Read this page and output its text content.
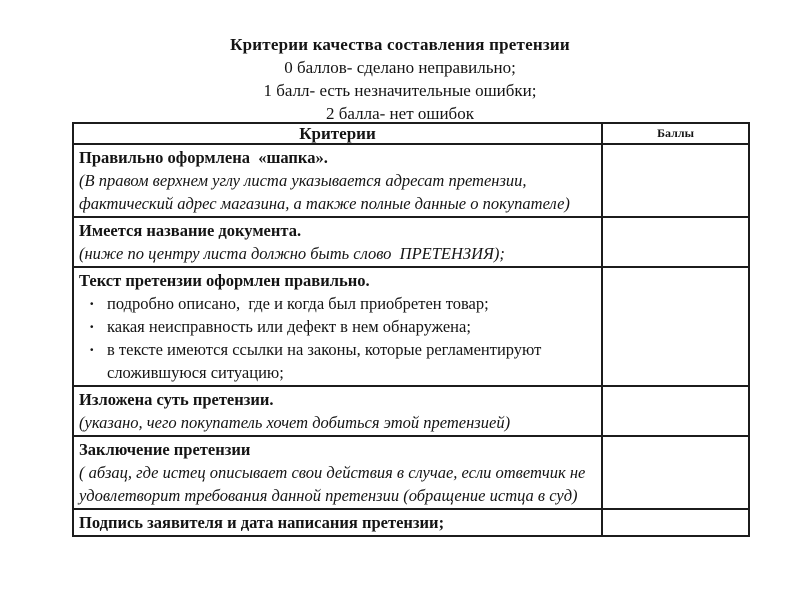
Критерии качества составления претензии
0 баллов- сделано неправильно;
1 балл- есть незначительные ошибки;
2 балла- нет ошибок
Критерии	Баллы

Правильно оформлена  «шапка».
(В правом верхнем углу листа указывается адресат претензии, фактический адрес магазина, а также полные данные о покупателе)	

Имеется название документа.
(ниже по центру листа должно быть слово  ПРЕТЕНЗИЯ);	

Текст претензии оформлен правильно.
· подробно описано,  где и когда был приобретен товар;
· какая неисправность или дефект в нем обнаружена;
· в тексте имеются ссылки на законы, которые регламентируют сложившуюся ситуацию;

Изложена суть претензии.
(указано, чего покупатель хочет добиться этой претензией)	

Заключение претензии
( абзац, где истец описывает свои действия в случае, если ответчик не удовлетворит требования данной претензии (обращение истца в суд)	

Подпись заявителя и дата написания претензии;	
